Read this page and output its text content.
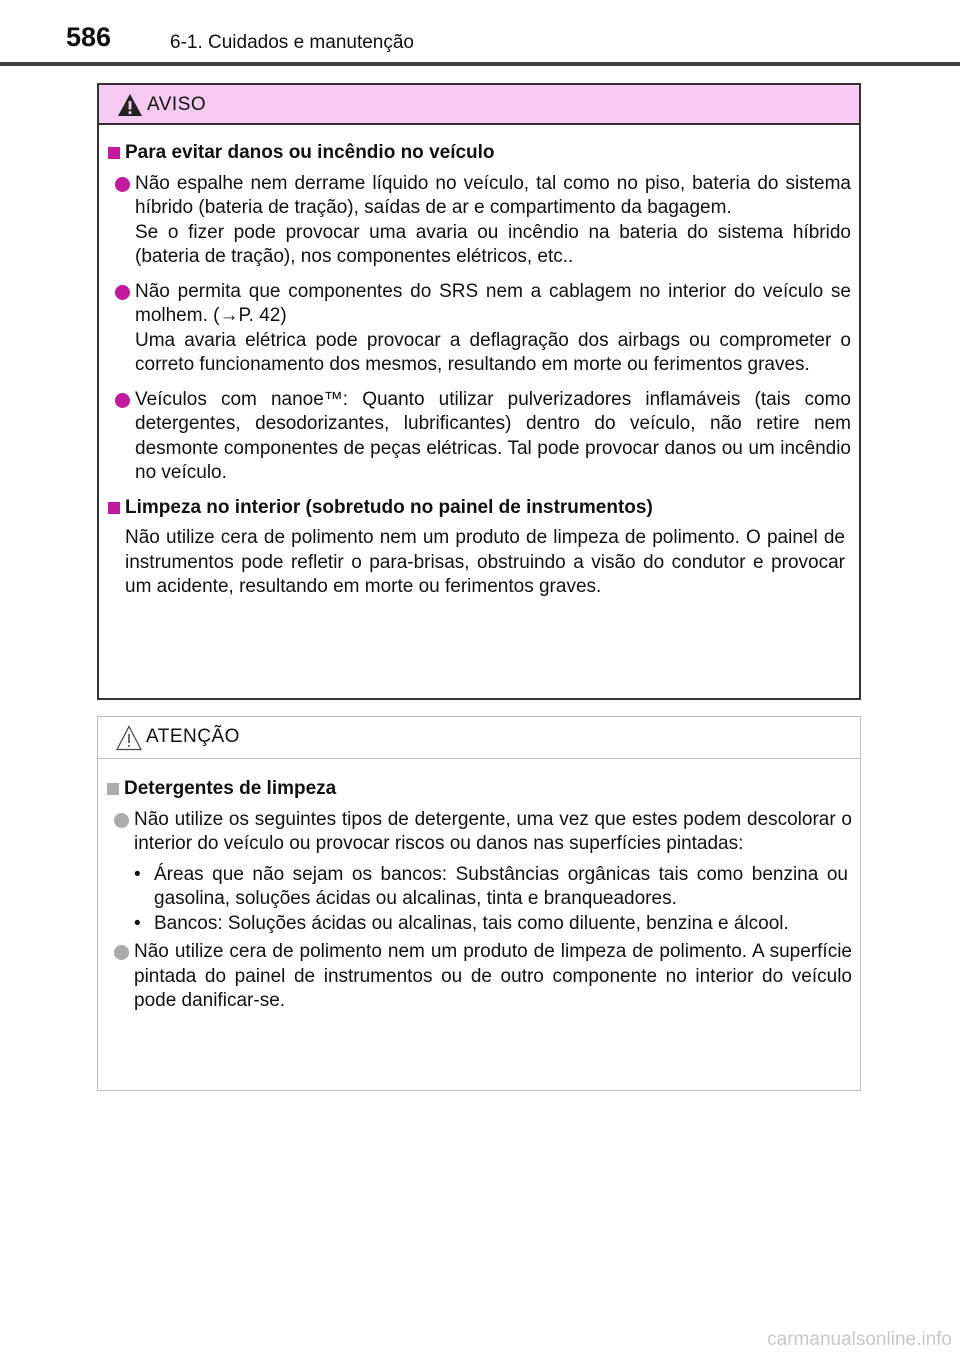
586	6-1. Cuidados e manutenção
AVISO
Para evitar danos ou incêndio no veículo
Não espalhe nem derrame líquido no veículo, tal como no piso, bateria do sistema híbrido (bateria de tração), saídas de ar e compartimento da bagagem.
Se o fizer pode provocar uma avaria ou incêndio na bateria do sistema híbrido (bateria de tração), nos componentes elétricos, etc..
Não permita que componentes do SRS nem a cablagem no interior do veículo se molhem. (→P. 42)
Uma avaria elétrica pode provocar a deflagração dos airbags ou comprometer o correto funcionamento dos mesmos, resultando em morte ou ferimentos graves.
Veículos com nanoe™: Quanto utilizar pulverizadores inflamáveis (tais como detergentes, desodorizantes, lubrificantes) dentro do veículo, não retire nem desmonte componentes de peças elétricas. Tal pode provocar danos ou um incêndio no veículo.
Limpeza no interior (sobretudo no painel de instrumentos)
Não utilize cera de polimento nem um produto de limpeza de polimento. O painel de instrumentos pode refletir o para-brisas, obstruindo a visão do condutor e provocar um acidente, resultando em morte ou ferimentos graves.
ATENÇÃO
Detergentes de limpeza
Não utilize os seguintes tipos de detergente, uma vez que estes podem descolorar o interior do veículo ou provocar riscos ou danos nas superfícies pintadas:
• Áreas que não sejam os bancos: Substâncias orgânicas tais como benzina ou gasolina, soluções ácidas ou alcalinas, tinta e branqueadores.
• Bancos: Soluções ácidas ou alcalinas, tais como diluente, benzina e álcool.
Não utilize cera de polimento nem um produto de limpeza de polimento. A superfície pintada do painel de instrumentos ou de outro componente no interior do veículo pode danificar-se.
carmanualsonline.info
